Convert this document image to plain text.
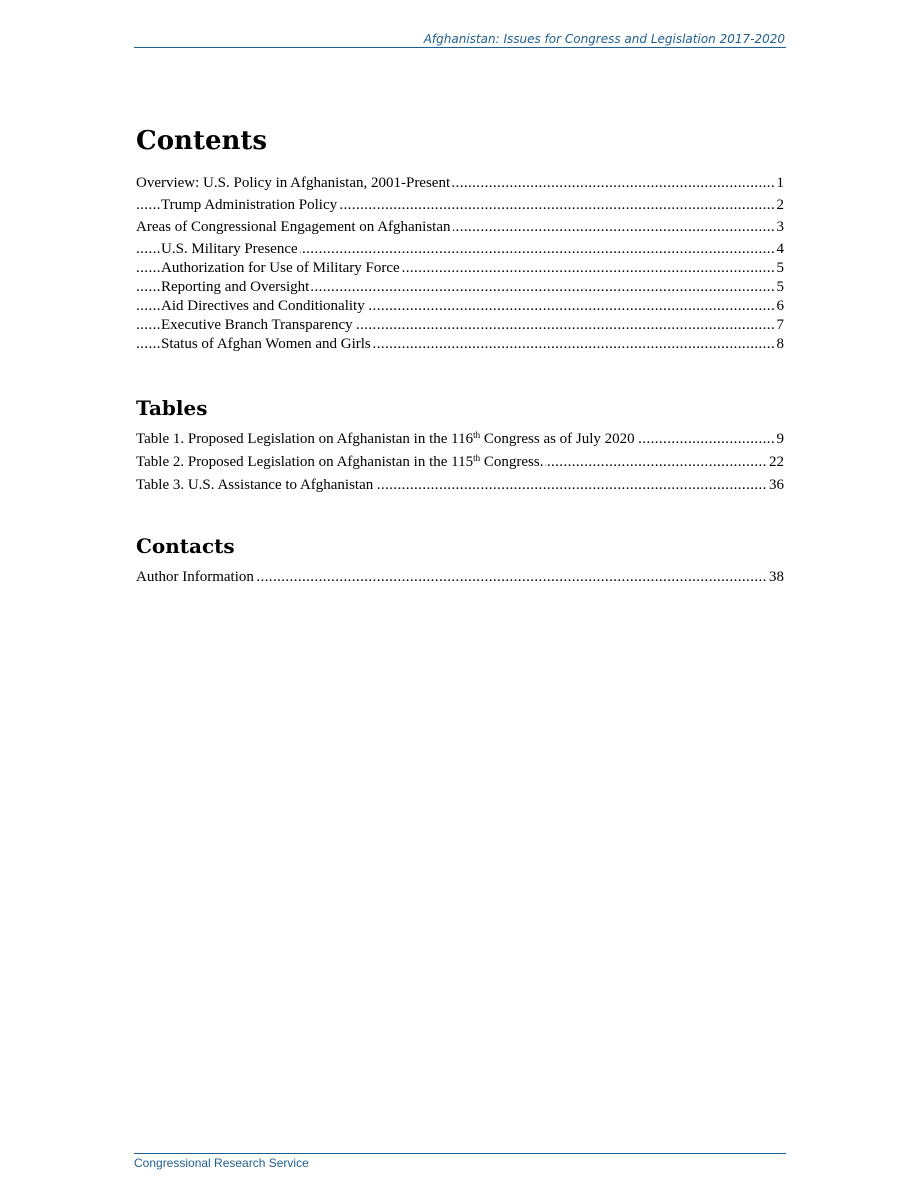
Afghanistan: Issues for Congress and Legislation 2017-2020
Contents
.....
Overview: U.S. Policy in Afghanistan, 2001-Present	1
.....
Trump Administration Policy	2
.....
Areas of Congressional Engagement on Afghanistan	3
.....
U.S. Military Presence	4
.....
Authorization for Use of Military Force	5
.....
Reporting and Oversight	5
.....
Aid Directives and Conditionality	6
.....
Executive Branch Transparency	7
.....
Status of Afghan Women and Girls	8
Tables
.....
Table 1. Proposed Legislation on Afghanistan in the 116th Congress as of July 2020	9
.....
Table 2. Proposed Legislation on Afghanistan in the 115th Congress.	22
.....
Table 3. U.S. Assistance to Afghanistan	36
Contacts
.....
Author Information	38
Congressional Research Service
